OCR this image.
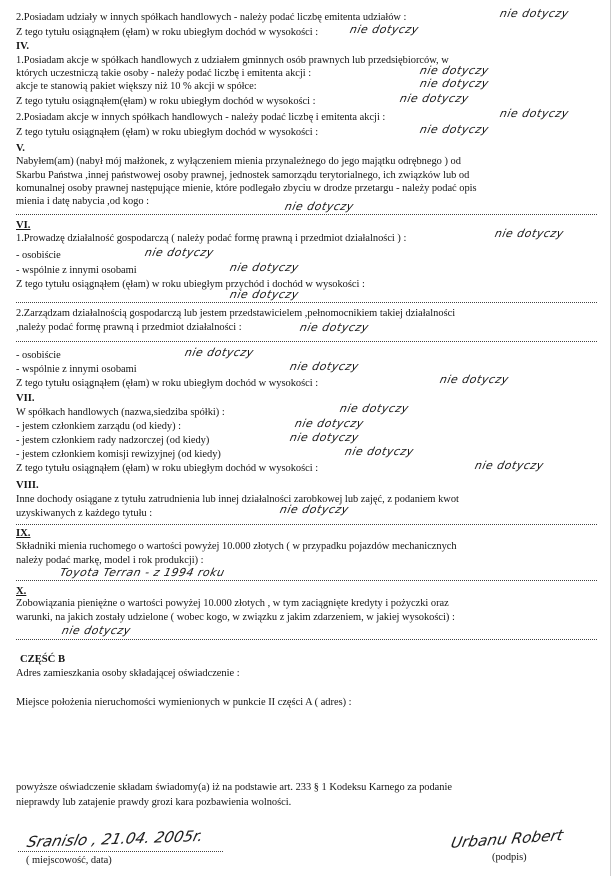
2.Posiadam udziały w innych spółkach handlowych - należy podać liczbę emitenta udziałów :	nie dotyczy
Z tego tytułu osiągnąłem (ęłam) w roku ubiegłym dochód w wysokości :	nie dotyczy
IV.
1.Posiadam akcje w spółkach handlowych z udziałem gminnych osób prawnych lub przedsiębiorców, w
których uczestniczą takie osoby - należy podać liczbę i emitenta akcji :	nie dotyczy
akcje te stanowią pakiet większy niż 10 % akcji w spółce:	nie dotyczy
Z tego tytułu osiągnąłem(ęłam) w roku ubiegłym dochód w wysokości :	nie dotyczy
2.Posiadam akcje w innych spółkach handlowych - należy podać liczbę i emitenta akcji :	nie dotyczy
Z tego tytułu osiągnąłem (ęłam) w roku ubiegłym dochód w wysokości :	nie dotyczy
V.
Nabyłem(am) (nabył mój małżonek, z wyłączeniem mienia przynależnego do jego majątku odrębnego ) od
Skarbu Państwa ,innej państwowej osoby prawnej, jednostek samorządu terytorialnego, ich związków lub od
komunalnej osoby prawnej następujące mienie, które podlegało zbyciu w drodze przetargu - należy podać opis
mienia i datę nabycia ,od kogo :	nie dotyczy
VI.
1.Prowadzę działalność gospodarczą ( należy podać formę prawną i przedmiot działalności ) :	nie dotyczy
- osobiście	nie dotyczy
- wspólnie z innymi osobami	nie dotyczy
Z tego tytułu osiągnąłem (ęłam) w roku ubiegłym przychód i dochód w wysokości :
nie dotyczy
2.Zarządzam działalnością gospodarczą lub jestem przedstawicielem ,pełnomocnikiem takiej działalności
,należy podać formę prawną i przedmiot działalności :	nie dotyczy
- osobiście	nie dotyczy
- wspólnie z innymi osobami	nie dotyczy
Z tego tytułu osiągnąłem (ęłam) w roku ubiegłym dochód w wysokości :	nie dotyczy
VII.
W spółkach handlowych (nazwa,siedziba spółki) :	nie dotyczy
- jestem członkiem zarządu (od kiedy) :	nie dotyczy
- jestem członkiem rady nadzorczej (od kiedy)	nie dotyczy
- jestem członkiem komisji rewizyjnej (od kiedy)	nie dotyczy
Z tego tytułu osiągnąłem (ęłam) w roku ubiegłym dochód w wysokości :	nie dotyczy
VIII.
Inne dochody osiągane z tytułu zatrudnienia lub innej działalności zarobkowej lub zajęć, z podaniem kwot
uzyskiwanych z każdego tytułu :	nie dotyczy
IX.
Składniki mienia ruchomego o wartości powyżej 10.000 złotych ( w przypadku pojazdów mechanicznych
należy podać markę, model i rok produkcji) :
Toyota Terran - z 1994 roku
X.
Zobowiązania pieniężne o wartości powyżej 10.000 złotych , w tym zaciągnięte kredyty i pożyczki oraz
warunki, na jakich zostały udzielone ( wobec kogo, w związku z jakim zdarzeniem, w jakiej wysokości) :
nie dotyczy
CZĘŚĆ B
Adres zamieszkania osoby składającej oświadczenie :
Miejsce położenia nieruchomości wymienionych w punkcie II części A ( adres) :
powyższe oświadczenie składam świadomy(a) iż na podstawie art. 233 § 1 Kodeksu Karnego za podanie
nieprawdy lub zatajenie prawdy grozi kara pozbawienia wolności.
Sranislo , 21.04. 2005r.
( miejscowość, data)
Urbanu Robert
(podpis)
